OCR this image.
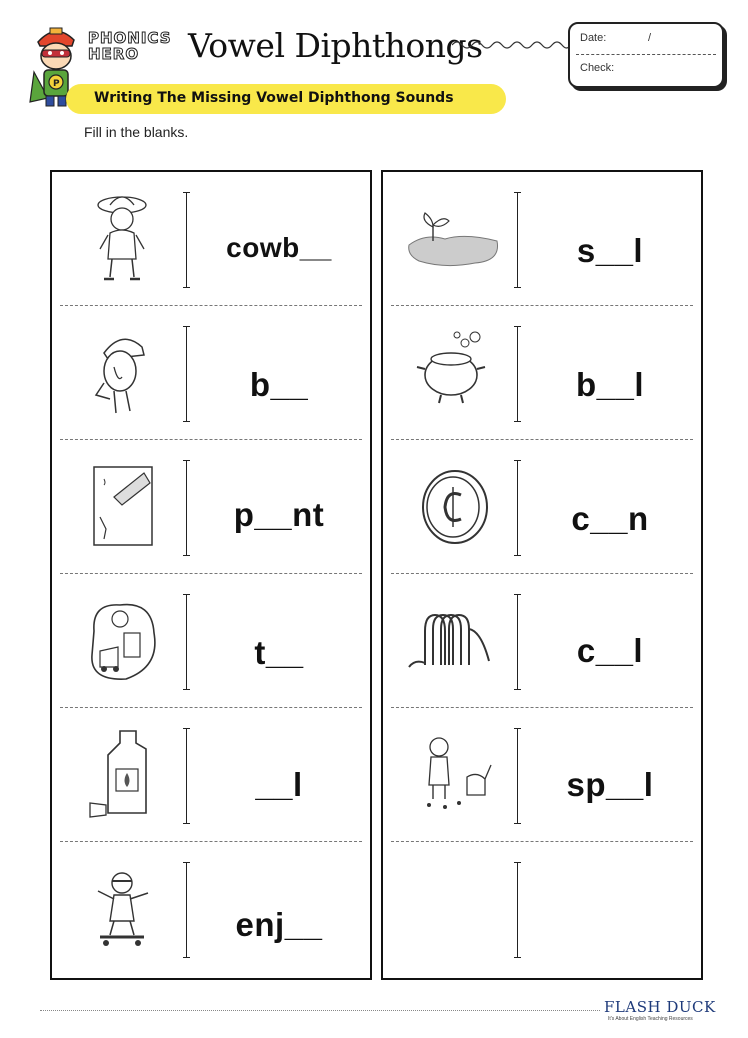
P
PHONICS
HERO	Vowel Diphthongs	Date:	/
Check:
Writing The Missing Vowel Diphthong Sounds
Fill in the blanks.
cowb__
b__
p__nt
t__
__l
enj__
s__l
b__l
c__n
c__l
sp__l
FLASH DUCK
It's About English Teaching Resources
